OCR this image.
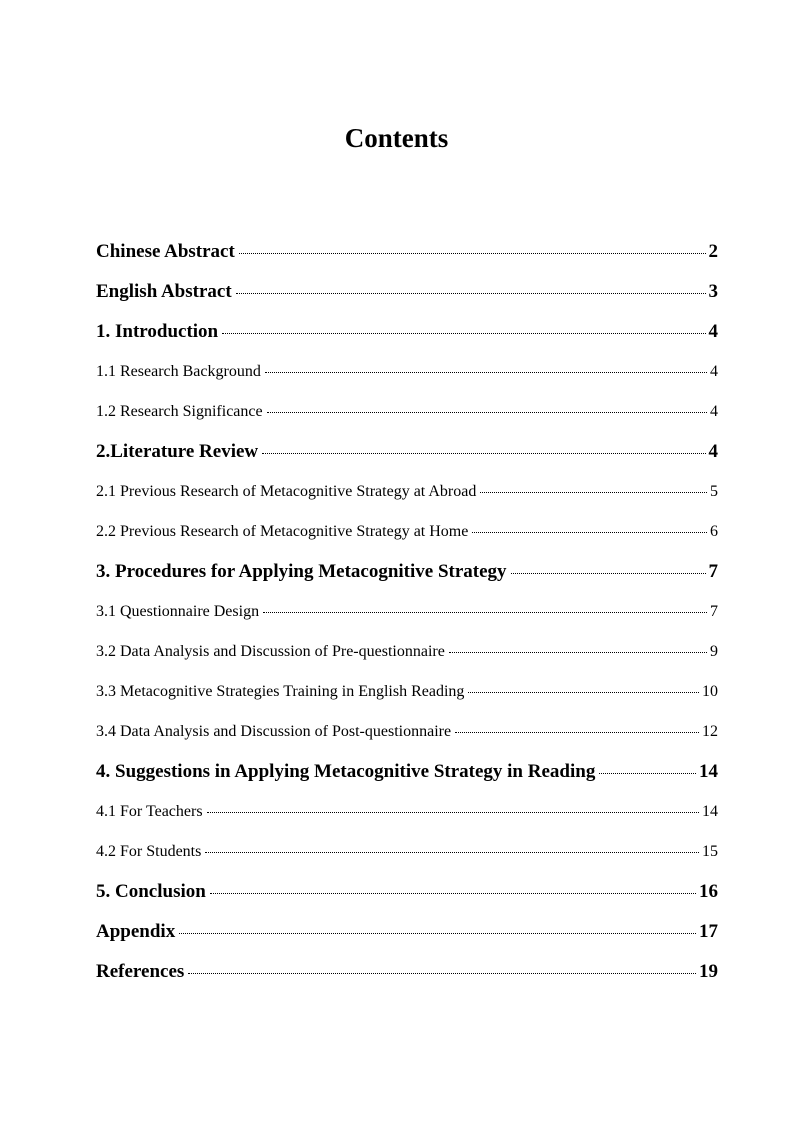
Contents
Chinese Abstract	2
English Abstract	3
1. Introduction	4
1.1 Research Background	4
1.2 Research Significance	4
2.Literature Review	4
2.1 Previous Research of Metacognitive Strategy at Abroad	5
2.2 Previous Research of Metacognitive Strategy at Home	6
3. Procedures for Applying Metacognitive Strategy	7
3.1 Questionnaire Design	7
3.2 Data Analysis and Discussion of Pre-questionnaire	9
3.3 Metacognitive Strategies Training in English Reading	10
3.4 Data Analysis and Discussion of Post-questionnaire	12
4. Suggestions in Applying Metacognitive Strategy in Reading	14
4.1 For Teachers	14
4.2 For Students	15
5. Conclusion	16
Appendix	17
References	19
